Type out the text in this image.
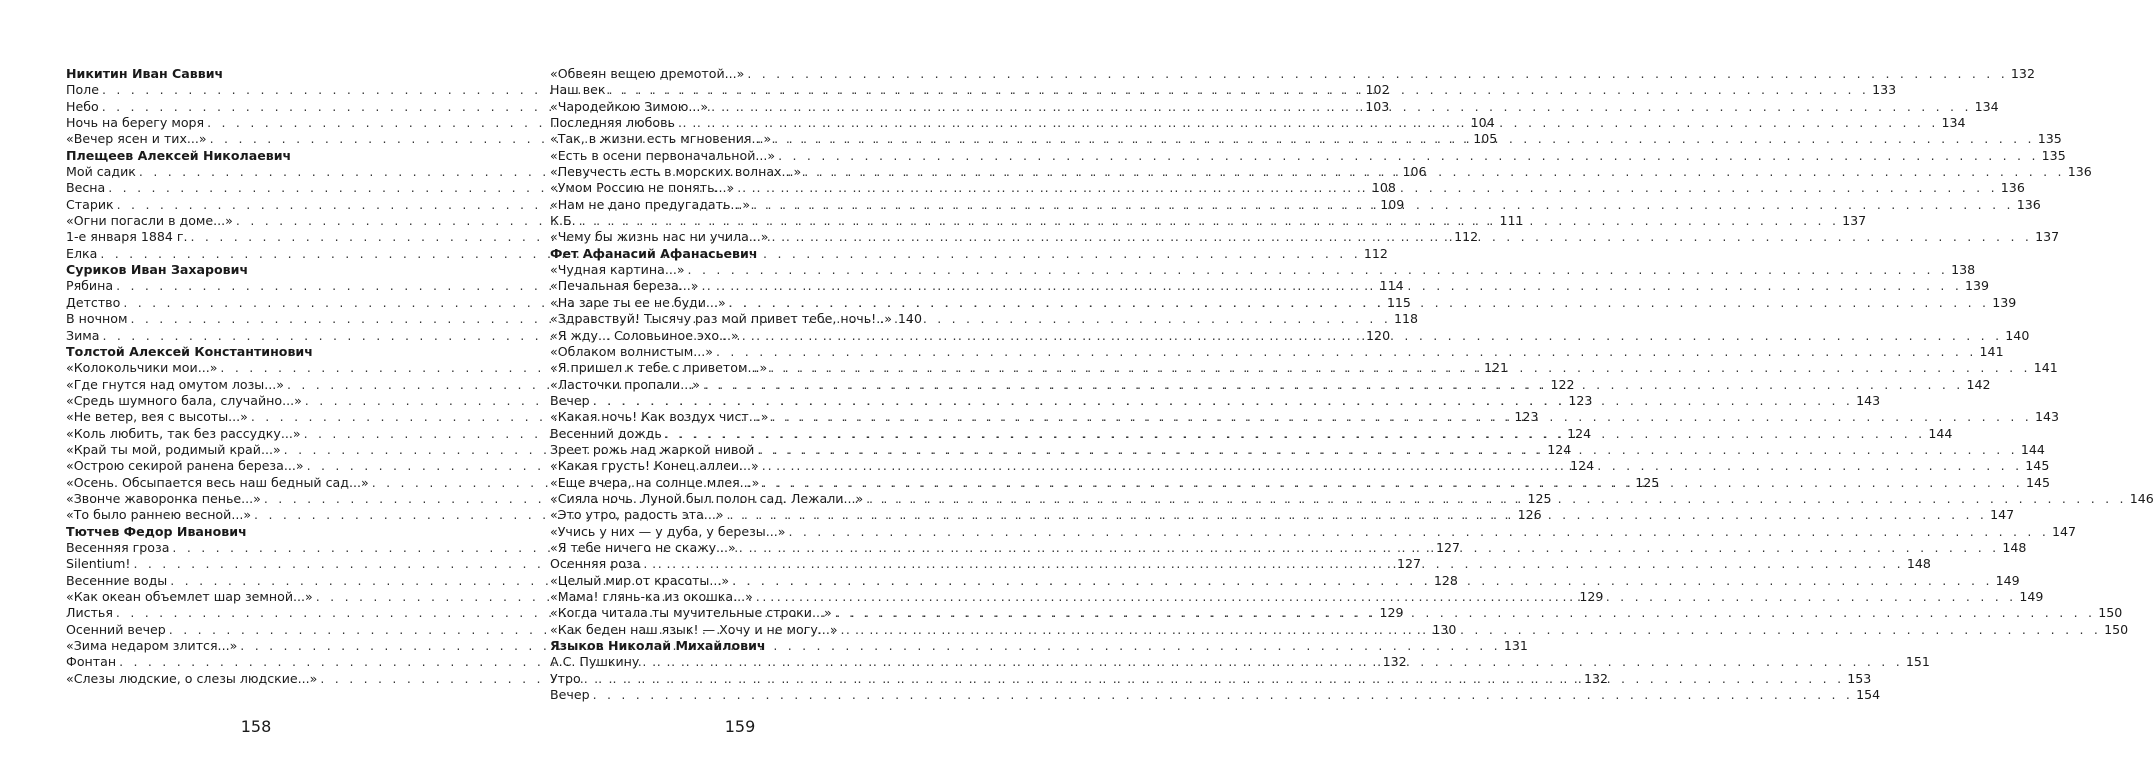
Никитин Иван Саввич
Поле . . .	102
Небо . . .	103
Ночь на берегу моря . . .	104
«Вечер ясен и тих...» . . .	105
Плещеев Алексей Николаевич
Мой садик . . .	106
Весна . . .	108
Старик . . .	109
«Огни погасли в доме...» . . .	111
1-е января 1884 г. . . .	112
Елка . . .	112
Суриков Иван Захарович
Рябина . . .	114
Детство . . .	115
В ночном . . .	118
Зима . . .	120
Толстой Алексей Константинович
«Колокольчики мои...» . . .	121
«Где гнутся над омутом лозы...» . . .	122
«Средь шумного бала, случайно...» . . .	123
«Не ветер, вея с высоты...» . . .	123
«Коль любить, так без рассудку...» . . .	124
«Край ты мой, родимый край...» . . .	124
«Острою секирой ранена береза...» . . .	124
«Осень. Обсыпается весь наш бедный сад...» . . .	125
«Звонче жаворонка пенье...» . . .	125
«То было раннею весной...» . . .	126
Тютчев Федор Иванович
Весенняя гроза . . .	127
Silentium! . . .	127
Весенние воды . . .	128
«Как океан объемлет шар земной...» . . .	129
Листья . . .	129
Осенний вечер . . .	130
«Зима недаром злится...» . . .	131
Фонтан . . .	132
«Слезы людские, о слезы людские...» . . .	132
«Обвеян вещею дремотой...» . . .	132
Наш век . . .	133
«Чародейкою Зимою...» . . .	134
Последняя любовь . . .	134
«Так, в жизни есть мгновения...» . . .	135
«Есть в осени первоначальной...» . . .	135
«Певучесть есть в морских волнах...» . . .	136
«Умом Россию не понять...» . . .	136
«Нам не дано предугадать...» . . .	136
К.Б. . . .	137
«Чему бы жизнь нас ни учила...» . . .	137
Фет Афанасий Афанасьевич
«Чудная картина...» . . .	138
«Печальная береза...» . . .	139
«На заре ты ее не буди...» . . .	139
«Здравствуй! Тысячу раз мой привет тебе, ночь!..» 140
«Я жду... Соловьиное эхо...» . . .	140
«Облаком волнистым...» . . .	141
«Я пришел к тебе с приветом...» . . .	141
«Ласточки пропали...» . . .	142
Вечер . . .	143
«Какая ночь! Как воздух чист...» . . .	143
Весенний дождь . . .	144
Зреет рожь над жаркой нивой . . .	144
«Какая грусть! Конец аллеи...» . . .	145
«Еще вчера, на солнце млея...» . . .	145
«Сияла ночь. Луной был полон сад. Лежали...» . . .	146
«Это утро, радость эта...» . . .	147
«Учись у них — у дуба, у березы...» . . .	147
«Я тебе ничего не скажу...» . . .	148
Осенняя роза . . .	148
«Целый мир от красоты...» . . .	149
«Мама! глянь-ка из окошка...» . . .	149
«Когда читала ты мучительные строки...» . . .	150
«Как беден наш язык! — Хочу и не могу...» . . .	150
Языков Николай Михайлович
А.С. Пушкину . . .	151
Утро . . .	153
Вечер . . .	154
158	159
